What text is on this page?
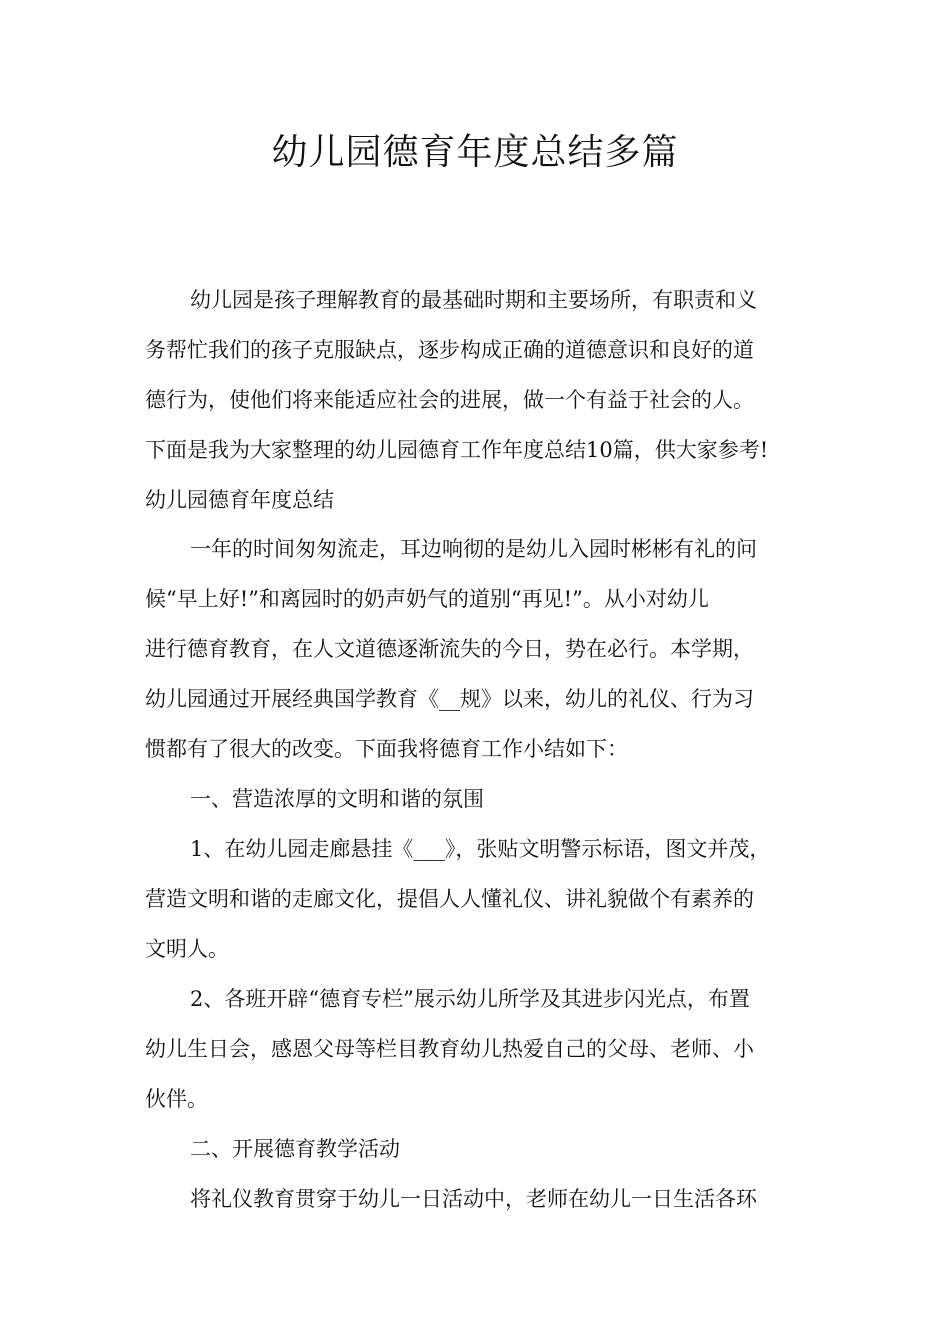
幼儿园德育年度总结多篇
幼儿园是孩子理解教育的最基础时期和主要场所，有职责和义
务帮忙我们的孩子克服缺点，逐步构成正确的道德意识和良好的道
德行为，使他们将来能适应社会的进展，做一个有益于社会的人。
下面是我为大家整理的幼儿园德育工作年度总结10篇，供大家参考!
幼儿园德育年度总结
一年的时间匆匆流走，耳边响彻的是幼儿入园时彬彬有礼的问
候“早上好!”和离园时的奶声奶气的道别“再见!”。从小对幼儿
进行德育教育，在人文道德逐渐流失的今日，势在必行。本学期，
幼儿园通过开展经典国学教育《__规》以来，幼儿的礼仪、行为习
惯都有了很大的改变。下面我将德育工作小结如下：
一、营造浓厚的文明和谐的氛围
1、在幼儿园走廊悬挂《___》，张贴文明警示标语，图文并茂，
营造文明和谐的走廊文化，提倡人人懂礼仪、讲礼貌做个有素养的
文明人。
2、各班开辟“德育专栏”展示幼儿所学及其进步闪光点，布置
幼儿生日会，感恩父母等栏目教育幼儿热爱自己的父母、老师、小
伙伴。
二、开展德育教学活动
将礼仪教育贯穿于幼儿一日活动中，老师在幼儿一日生活各环
